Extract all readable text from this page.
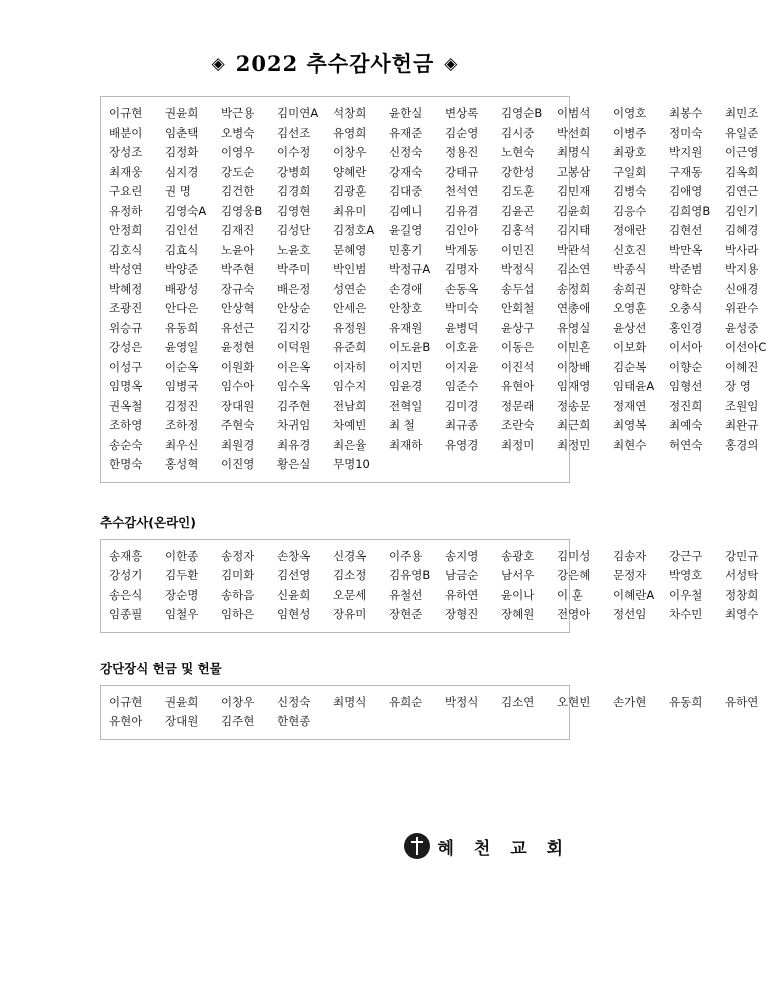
◈ 2022 추수감사헌금 ◈
이규현	권윤희	박근용	김미연A	석창희	윤한실	변상록	김영순B	이범석	이영호	최봉수	최민조
배분이	임춘택	오병숙	김선조	유영희	유재준	김순영	김시중	박선희	이병주	정미숙	유일준
장성조	김정화	이영우	이수정	이창우	신정숙	정용진	노현숙	최명식	최광호	박지원	이근영
최재웅	심지경	강도순	강병희	양혜란	강재숙	강태규	강한성	고봉삼	구일회	구재동	김옥희
구요린	권 명	김건한	김경희	김광훈	김대중	천석연	김도훈	김민재	김병숙	김애영	김연근
유정하	김영숙A	김영웅B	김영현	최유미	김예니	김유겸	김윤곤	김윤희	김응수	김희영B	김인기
안정희	김인선	김재진	김성단	김정호A	윤길영	김인아	김홍석	김지태	정애란	김현선	김혜경
김호식	김효식	노윤아	노윤호	문혜영	민홍기	박계동	이민진	박관석	신호진	박만옥	박사라
박성연	박양준	박주현	박주미	박인범	박정규A	김명자	박정식	김소연	박종식	박준범	박지용
박혜정	배광성	장규숙	배은정	성연순	손경애	손동옥	송두섭	송정희	송희권	양학순	신애경
조광진	안다은	안상혁	안상순	안세은	안창호	박미숙	안회철	연총애	오영훈	오충식	위관수
위승규	유동희	유선근	김지강	유정원	유재원	윤병덕	윤상구	유영실	윤상선	홍인경	윤성중
강성은	윤영일	윤정현	이덕원	유준희	이도윤B	이호윤	이동은	이민혼	이보화	이서아	이선아C
이성구	이순옥	이원화	이은옥	이자히	이지민	이지윤	이진석	이창배	김순복	이향순	이혜진
임명옥	임병국	임수아	임수옥	임수지	임윤경	임준수	유현아	임재영	임태윤A	임형선	장 영
권옥철	김정진	장대원	김주현	전남희	전혁일	김미경	정문래	정송문	정재연	정진희	조원임
조하영	조하정	주현숙	차귀임	차예빈	최 철	최규종	조란숙	최근희	최영복	최예숙	최완규
송순숙	최우신	최원경	최유경	최은율	최재하	유영경	최정미	최정민	최현수	허연숙	홍경의
한명숙	홍성혁	이진영	황은실	무명10
추수감사(온라인)
송재흥	이한종	송정자	손창옥	신경옥	이주용	송지영	송광호	김미성	김송자	강근구	강민규
강성기	김두환	김미화	김선영	김소정	김유영B	남금순	남서우	강은혜	문정자	박영호	서성탁
송은식	장순명	송하음	신윤희	오문세	유철선	유하연	윤이나	이 훈	이혜란A	이우철	정창희
임종필	임철우	임하은	임현성	장유미	장현준	장형진	장혜원	전영아	정선임	차수민	최영수
강단장식 헌금 및 헌물
이규현	권윤희	이창우	신정숙	최명식	유희순	박정식	김소연	오현빈	손가현	유동희	유하연
유현아	장대원	김주현	한현종
혜 천 교 회
